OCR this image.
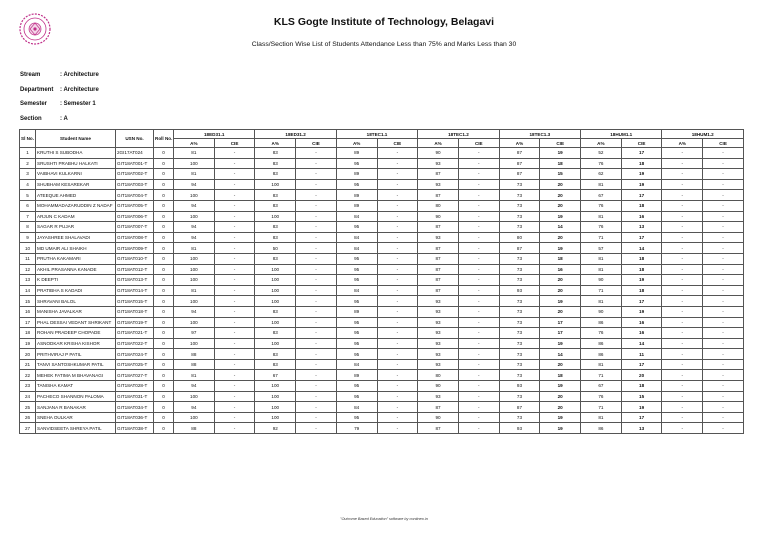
KLS Gogte Institute of Technology, Belagavi
Class/Section Wise List of Students Attendance Less than 75% and Marks Less than 30
Stream	: Architecture
Department : Architecture
Semester : Semester 1
Section	: A
Sl No.	Student Name	USN No.	Roll No.	18ED31.1		18ED31.2		18TEC1.1		18TEC1.2		18TEC1.3		18HUM1.1		18HUM1.2	
				A%	CIE	A%	CIE	A%	CIE	A%	CIE	A%	CIE	A%	CIE	A%	CIE
1	KRUTHI S SUBODHA	2GI17AT024	0	81	-	83	-	89	-	90	-	87	19	52	17	-	-
2	SRUSHTI PRABHU HALKATI	GIT18AT001-T	0	100	-	83	-	95	-	93	-	87	18	76	18	-	-
3	VAIBHAVI KULKARNI	GIT18AT002-T	0	81	-	83	-	89	-	87	-	87	15	62	19	-	-
4	SHUBHAM KESAREKAR	GIT18AT003-T	0	94	-	100	-	95	-	93	-	73	20	81	19	-	-
5	ATEEQUE AHMED	GIT18AT004-T	0	100	-	83	-	89	-	87	-	73	20	67	17	-	-
6	MOHAMMADAZARUDDIN Z NADAF	GIT18AT005-T	0	94	-	83	-	89	-	80	-	73	20	76	18	-	-
7	ARJUN C KADAM	GIT18AT006-T	0	100	-	100	-	84	-	90	-	73	19	81	16	-	-
8	SAGAR R PUJAR	GIT18AT007-T	0	94	-	83	-	95	-	87	-	73	14	76	13	-	-
9	JAYASHREE SHALAVADI	GIT18AT008-T	0	94	-	83	-	84	-	93	-	80	20	71	17	-	-
10	MD UMAIR ALI SHAIKH	GIT18AT009-T	0	81	-	50	-	84	-	87	-	87	19	57	14	-	-
11	PRUTHA KAKAMARI	GIT18AT010-T	0	100	-	83	-	95	-	87	-	73	18	81	18	-	-
12	AKHIL PRASANNA KANADE	GIT18AT012-T	0	100	-	100	-	95	-	87	-	73	16	81	18	-	-
13	K DEEPTI	GIT18AT013-T	0	100	-	100	-	95	-	87	-	73	20	90	19	-	-
14	PRATIBHA S KADADI	GIT18AT014-T	0	81	-	100	-	84	-	87	-	93	20	71	18	-	-
15	SHRAVANI BALOL	GIT18AT015-T	0	100	-	100	-	95	-	93	-	73	19	81	17	-	-
16	MANISHA JAVALKAR	GIT18AT018-T	0	94	-	83	-	89	-	93	-	73	20	90	19	-	-
17	PHAL DESSAI VEDANT SHRIKANT	GIT18AT019-T	0	100	-	100	-	95	-	93	-	73	17	86	16	-	-
18	ROHAN PRADEEP CHOPADE	GIT18AT021-T	0	97	-	83	-	95	-	93	-	73	17	76	16	-	-
19	ASNODKAR KRISHA KISHOR	GIT18AT022-T	0	100	-	100	-	95	-	93	-	73	19	86	14	-	-
20	PRITHVIRAJ P PATIL	GIT18AT024-T	0	88	-	83	-	95	-	93	-	73	14	86	11	-	-
21	TANVI SANTOSHKUMAR PATIL	GIT18AT025-T	0	88	-	83	-	84	-	93	-	73	20	81	17	-	-
22	MEHEK FATIMA M BHAVANAGI	GIT18AT027-T	0	81	-	67	-	89	-	80	-	73	18	71	20	-	-
23	TANISHA KAMAT	GIT18AT028-T	0	94	-	100	-	95	-	90	-	93	19	67	18	-	-
24	PACHECO SHANNON PALOMA	GIT18AT031-T	0	100	-	100	-	95	-	93	-	73	20	76	15	-	-
25	SANJANA R BANAKAR	GIT18AT034-T	0	94	-	100	-	84	-	87	-	87	20	71	19	-	-
26	SNEHA OULKAR	GIT18AT036-T	0	100	-	100	-	95	-	90	-	73	19	81	17	-	-
27	SANVIDSEETA SHREYA PATIL	GIT18AT038-T	0	88	-	92	-	79	-	87	-	93	19	86	13	-	-
"Outcome Based Education" software by contineo.in
